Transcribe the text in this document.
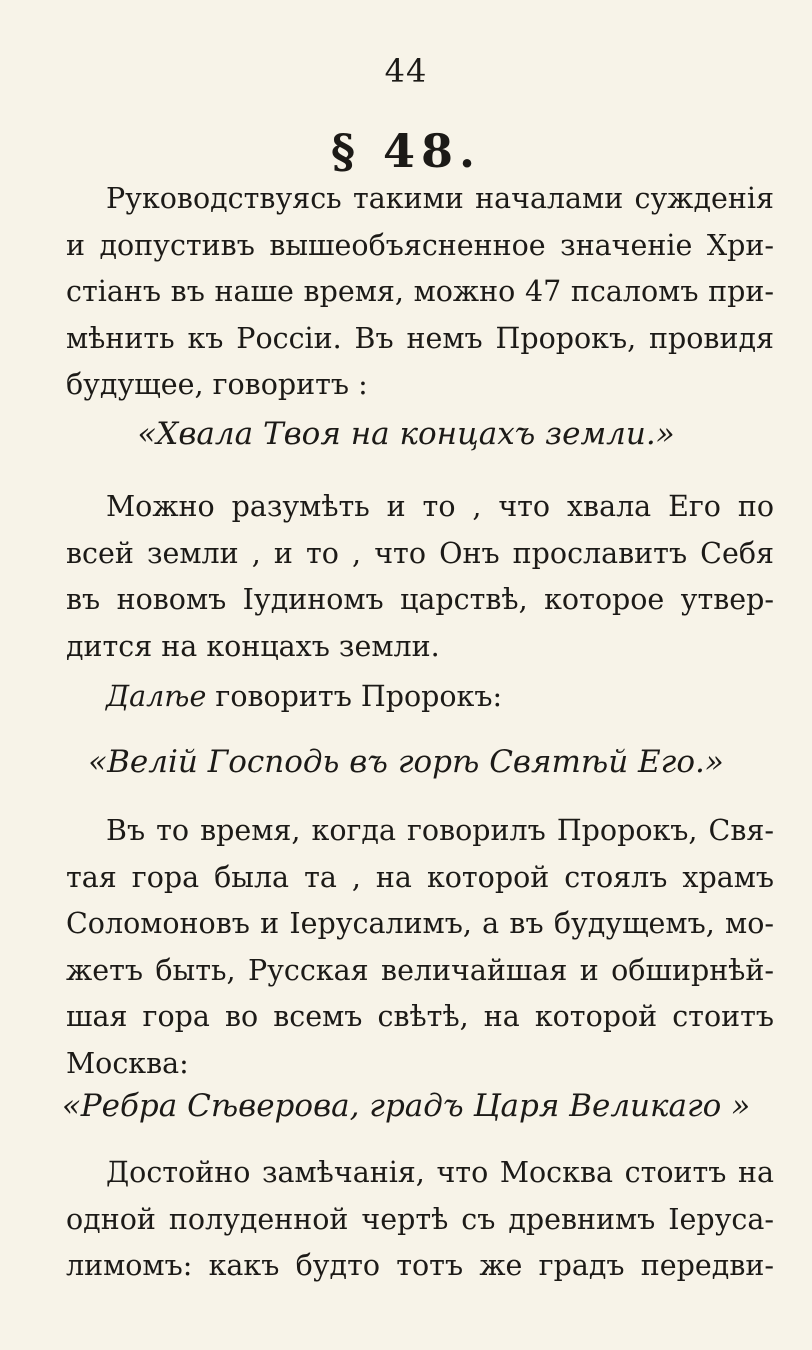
44
§ 48.
Руководствуясь такими началами сужденія
и допустивъ вышеобъясненное значеніе Хри-
стіанъ въ наше время, можно 47 псаломъ при-
мѣнить къ Россіи. Въ немъ Пророкъ, провидя
будущее, говоритъ :
«Хвала Твоя на концахъ земли.»
Можно разумѣть и то , что хвала Его по
всей земли , и то , что Онъ прославитъ Себя
въ новомъ Іудиномъ царствѣ, которое утвер-
дится на концахъ земли.
Далѣе говоритъ Пророкъ:
«Велій Господь въ горѣ Святѣй Его.»
Въ то время, когда говорилъ Пророкъ, Свя-
тая гора была та , на которой стоялъ храмъ
Соломоновъ и Іерусалимъ, а въ будущемъ, мо-
жетъ быть, Русская величайшая и обширнѣй-
шая гора во всемъ свѣтѣ, на которой стоитъ
Москва:
«Ребра Сѣверова, градъ Царя Великаго »
Достойно замѣчанія, что Москва стоитъ на
одной полуденной чертѣ съ древнимъ Іеруса-
лимомъ: какъ будто тотъ же градъ передви-
